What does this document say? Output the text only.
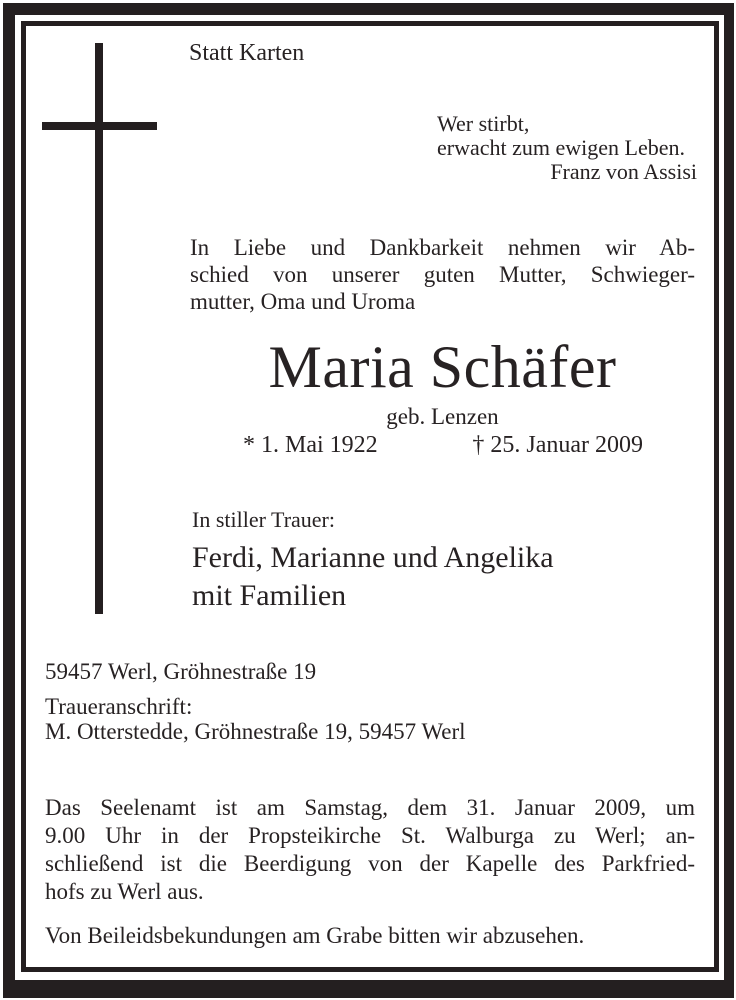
Statt Karten
Wer stirbt,
erwacht zum ewigen Leben.
Franz von Assisi
In Liebe und Dankbarkeit nehmen wir Ab-
schied von unserer guten Mutter, Schwieger-
mutter, Oma und Uroma
Maria Schäfer
geb. Lenzen
* 1. Mai 1922	† 25. Januar 2009
In stiller Trauer:
Ferdi, Marianne und Angelika
mit Familien
59457 Werl, Gröhnestraße 19
Traueranschrift:
M. Otterstedde, Gröhnestraße 19, 59457 Werl
Das Seelenamt ist am Samstag, dem 31. Januar 2009, um
9.00 Uhr in der Propsteikirche St. Walburga zu Werl; an-
schließend ist die Beerdigung von der Kapelle des Parkfried-
hofs zu Werl aus.
Von Beileidsbekundungen am Grabe bitten wir abzusehen.
